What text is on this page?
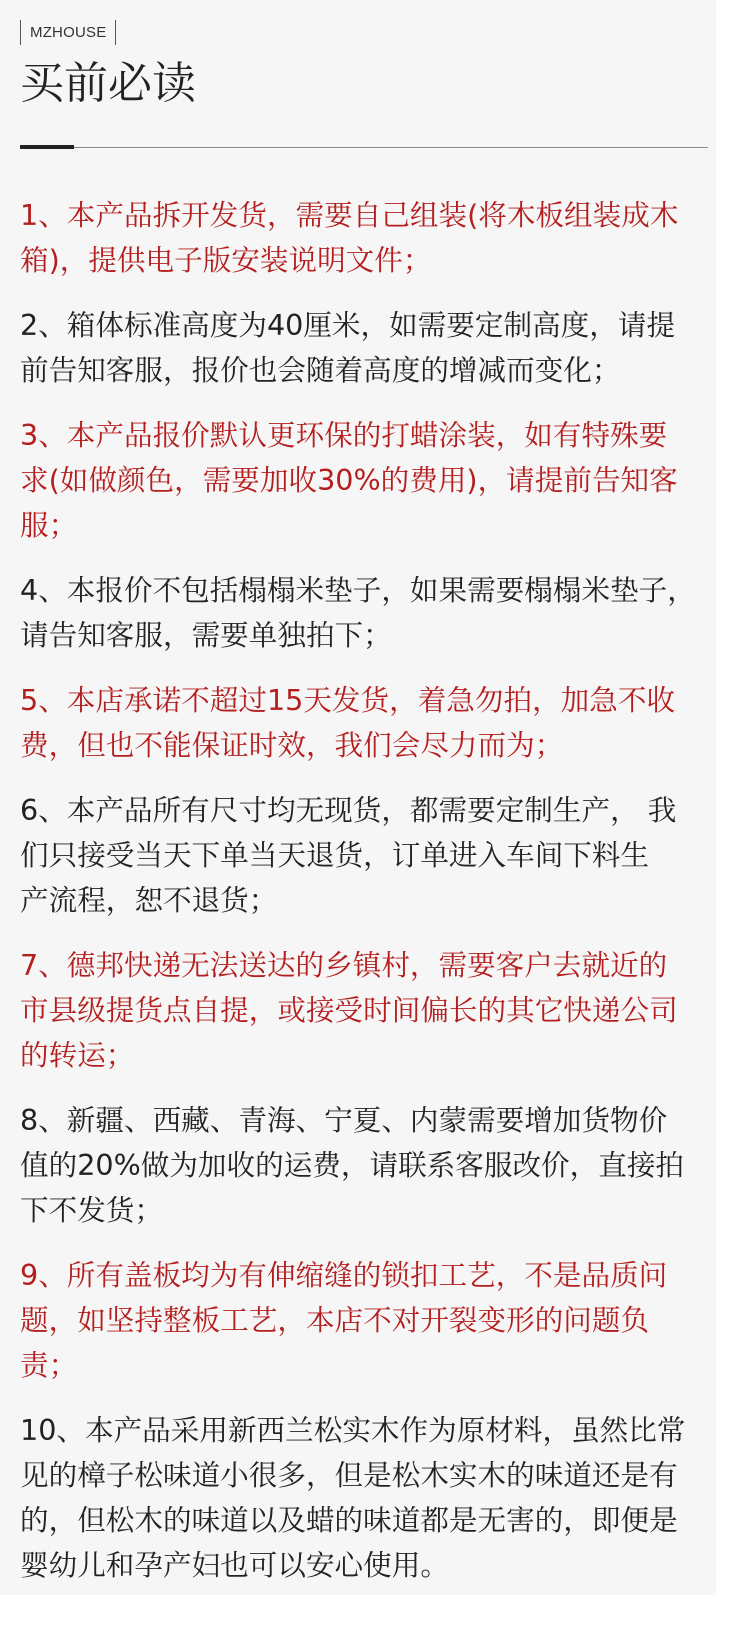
MZHOUSE
买前必读

1、本产品拆开发货，需要自己组装(将木板组装成木
箱)，提供电子版安装说明文件；

2、箱体标准高度为40厘米，如需要定制高度，请提
前告知客服，报价也会随着高度的增减而变化；

3、本产品报价默认更环保的打蜡涂装，如有特殊要
求(如做颜色，需要加收30%的费用)，请提前告知客
服；

4、本报价不包括榻榻米垫子，如果需要榻榻米垫子，
请告知客服，需要单独拍下；

5、本店承诺不超过15天发货，着急勿拍，加急不收
费，但也不能保证时效，我们会尽力而为；

6、本产品所有尺寸均无现货，都需要定制生产， 我
们只接受当天下单当天退货，订单进入车间下料生
产流程，恕不退货；

7、德邦快递无法送达的乡镇村，需要客户去就近的
市县级提货点自提，或接受时间偏长的其它快递公司
的转运；

8、新疆、西藏、青海、宁夏、内蒙需要增加货物价
值的20%做为加收的运费，请联系客服改价，直接拍
下不发货；

9、所有盖板均为有伸缩缝的锁扣工艺，不是品质问
题，如坚持整板工艺，本店不对开裂变形的问题负责；

10、本产品采用新西兰松实木作为原材料，虽然比常
见的樟子松味道小很多，但是松木实木的味道还是有
的，但松木的味道以及蜡的味道都是无害的，即便是
婴幼儿和孕产妇也可以安心使用。
